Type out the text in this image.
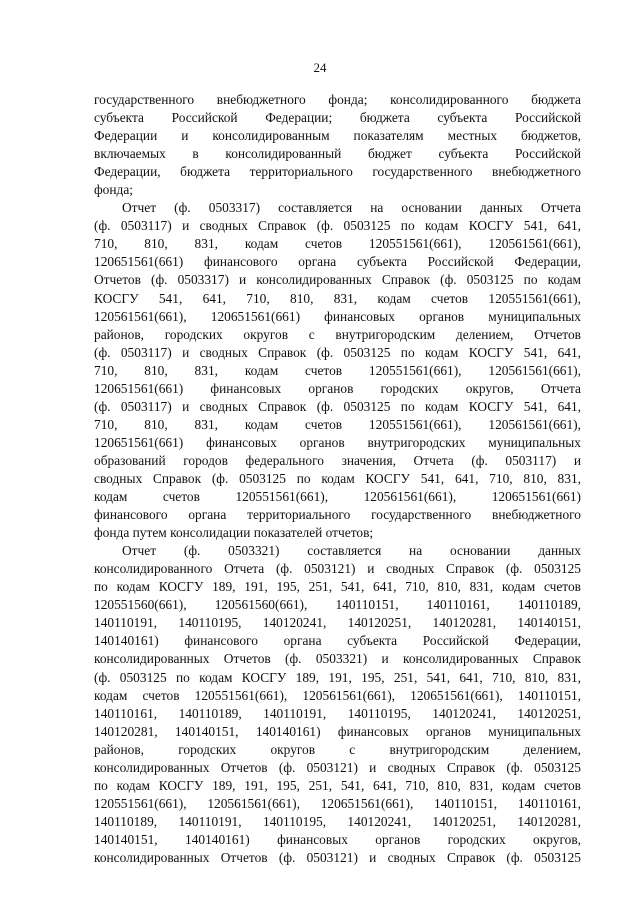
24
государственного внебюджетного фонда; консолидированного бюджета
субъекта Российской Федерации; бюджета субъекта Российской
Федерации и консолидированным показателям местных бюджетов,
включаемых в консолидированный бюджет субъекта Российской
Федерации, бюджета территориального государственного внебюджетного
фонда;
Отчет (ф. 0503317) составляется на основании данных Отчета
(ф. 0503117) и сводных Справок (ф. 0503125 по кодам КОСГУ 541, 641,
710, 810, 831, кодам счетов 120551561(661), 120561561(661),
120651561(661) финансового органа субъекта Российской Федерации,
Отчетов (ф. 0503317) и консолидированных Справок (ф. 0503125 по кодам
КОСГУ 541, 641, 710, 810, 831, кодам счетов 120551561(661),
120561561(661), 120651561(661) финансовых органов муниципальных
районов, городских округов с внутригородским делением, Отчетов
(ф. 0503117) и сводных Справок (ф. 0503125 по кодам КОСГУ 541, 641,
710, 810, 831, кодам счетов 120551561(661), 120561561(661),
120651561(661) финансовых органов городских округов, Отчета
(ф. 0503117) и сводных Справок (ф. 0503125 по кодам КОСГУ 541, 641,
710, 810, 831, кодам счетов 120551561(661), 120561561(661),
120651561(661) финансовых органов внутригородских муниципальных
образований городов федерального значения, Отчета (ф. 0503117) и
сводных Справок (ф. 0503125 по кодам КОСГУ 541, 641, 710, 810, 831,
кодам счетов 120551561(661), 120561561(661), 120651561(661)
финансового органа территориального государственного внебюджетного
фонда путем консолидации показателей отчетов;
Отчет (ф. 0503321) составляется на основании данных
консолидированного Отчета (ф. 0503121) и сводных Справок (ф. 0503125
по кодам КОСГУ 189, 191, 195, 251, 541, 641, 710, 810, 831, кодам счетов
120551560(661), 120561560(661), 140110151, 140110161, 140110189,
140110191, 140110195, 140120241, 140120251, 140120281, 140140151,
140140161) финансового органа субъекта Российской Федерации,
консолидированных Отчетов (ф. 0503321) и консолидированных Справок
(ф. 0503125 по кодам КОСГУ 189, 191, 195, 251, 541, 641, 710, 810, 831,
кодам счетов 120551561(661), 120561561(661), 120651561(661), 140110151,
140110161, 140110189, 140110191, 140110195, 140120241, 140120251,
140120281, 140140151, 140140161) финансовых органов муниципальных
районов, городских округов с внутригородским делением,
консолидированных Отчетов (ф. 0503121) и сводных Справок (ф. 0503125
по кодам КОСГУ 189, 191, 195, 251, 541, 641, 710, 810, 831, кодам счетов
120551561(661), 120561561(661), 120651561(661), 140110151, 140110161,
140110189, 140110191, 140110195, 140120241, 140120251, 140120281,
140140151, 140140161) финансовых органов городских округов,
консолидированных Отчетов (ф. 0503121) и сводных Справок (ф. 0503125
